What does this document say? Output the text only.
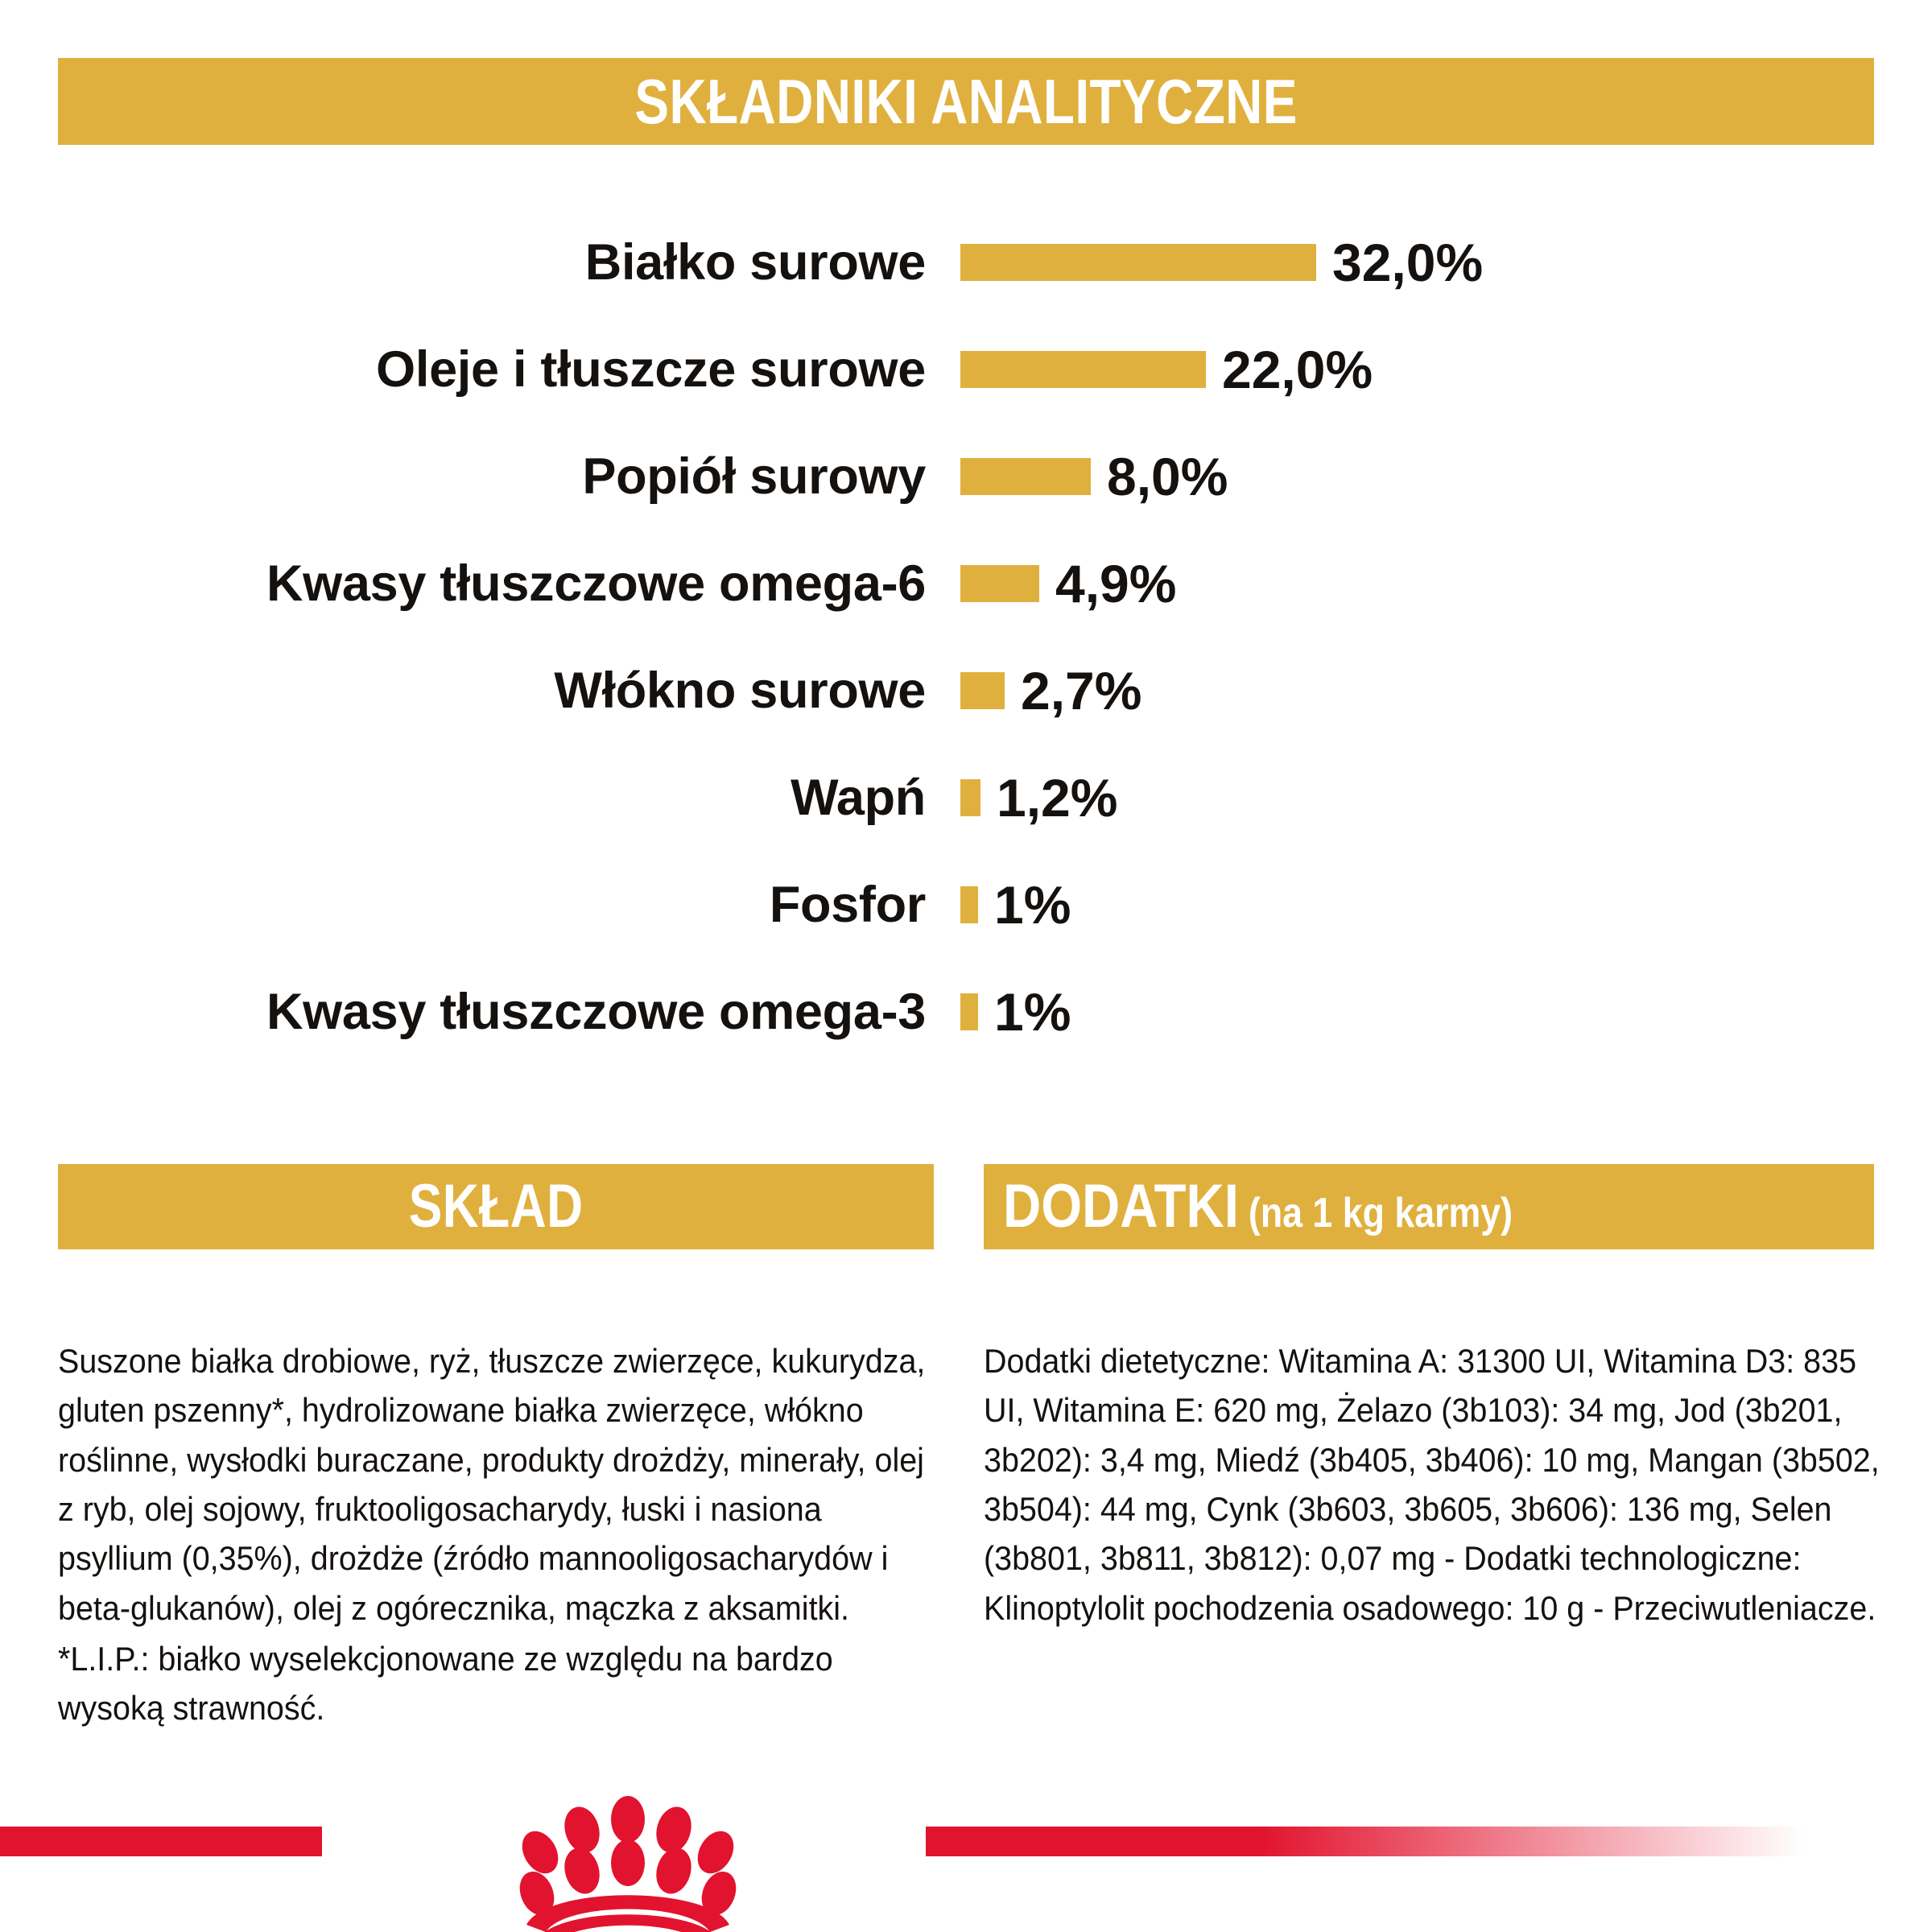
SKŁADNIKI ANALITYCZNE
Białko surowe	32,0%
Oleje i tłuszcze surowe	22,0%
Popiół surowy	8,0%
Kwasy tłuszczowe omega-6 4,9%
Włókno surowe 2,7%
Wapń 1,2%
Fosfor 1%
Kwasy tłuszczowe omega-3 1%
SKŁAD
Suszone białka drobiowe, ryż, tłuszcze zwierzęce, kukurydza, gluten pszenny*, hydrolizowane białka zwierzęce, włókno roślinne, wysłodki buraczane, produkty drożdży, minerały, olej z ryb, olej sojowy, fruktooligosacharydy, łuski i nasiona psyllium (0,35%), drożdże (źródło mannooligosacharydów i beta-glukanów), olej z ogórecznika, mączka z aksamitki.
*L.I.P.: białko wyselekcjonowane ze względu na bardzo wysoką strawność.
DODATKI (na 1 kg karmy)
Dodatki dietetyczne: Witamina A: 31300 UI, Witamina D3: 835 UI, Witamina E: 620 mg, Żelazo (3b103): 34 mg, Jod (3b201, 3b202): 3,4 mg, Miedź (3b405, 3b406): 10 mg, Mangan (3b502, 3b504): 44 mg, Cynk (3b603, 3b605, 3b606): 136 mg, Selen (3b801, 3b811, 3b812): 0,07 mg - Dodatki technologiczne: Klinoptylolit pochodzenia osadowego: 10 g - Przeciwutleniacze.
